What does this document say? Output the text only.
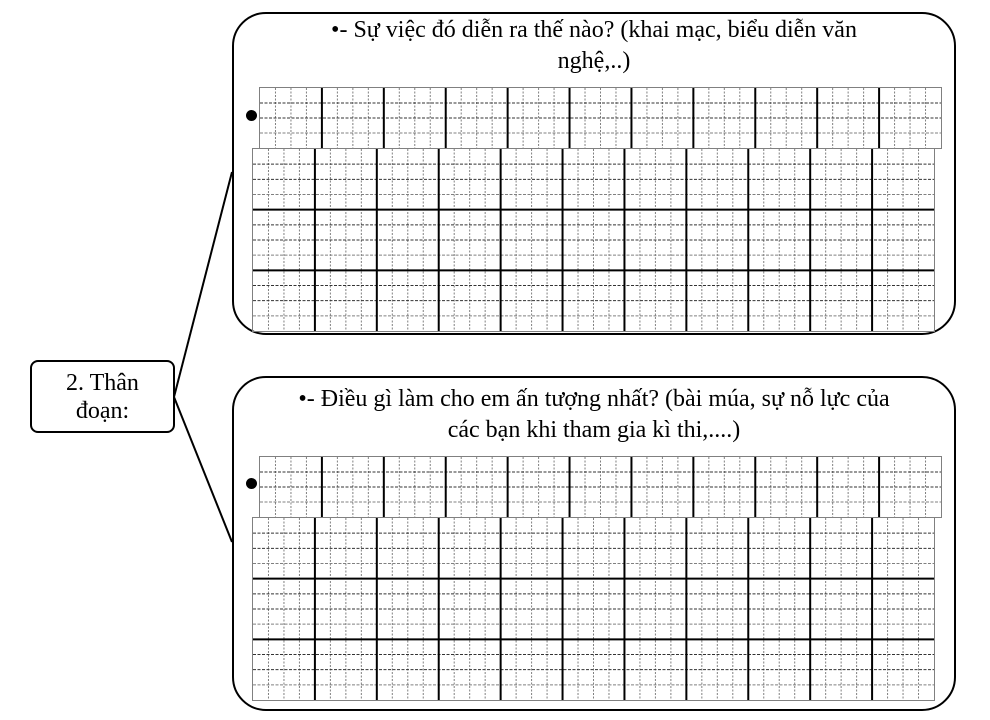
2. Thân đoạn:
•- Sự việc đó diễn ra thế nào? (khai mạc, biểu diễn văn
nghệ,..)
•- Điều gì làm cho em ấn tượng nhất? (bài múa, sự nỗ lực của
các bạn khi tham gia kì thi,....)
